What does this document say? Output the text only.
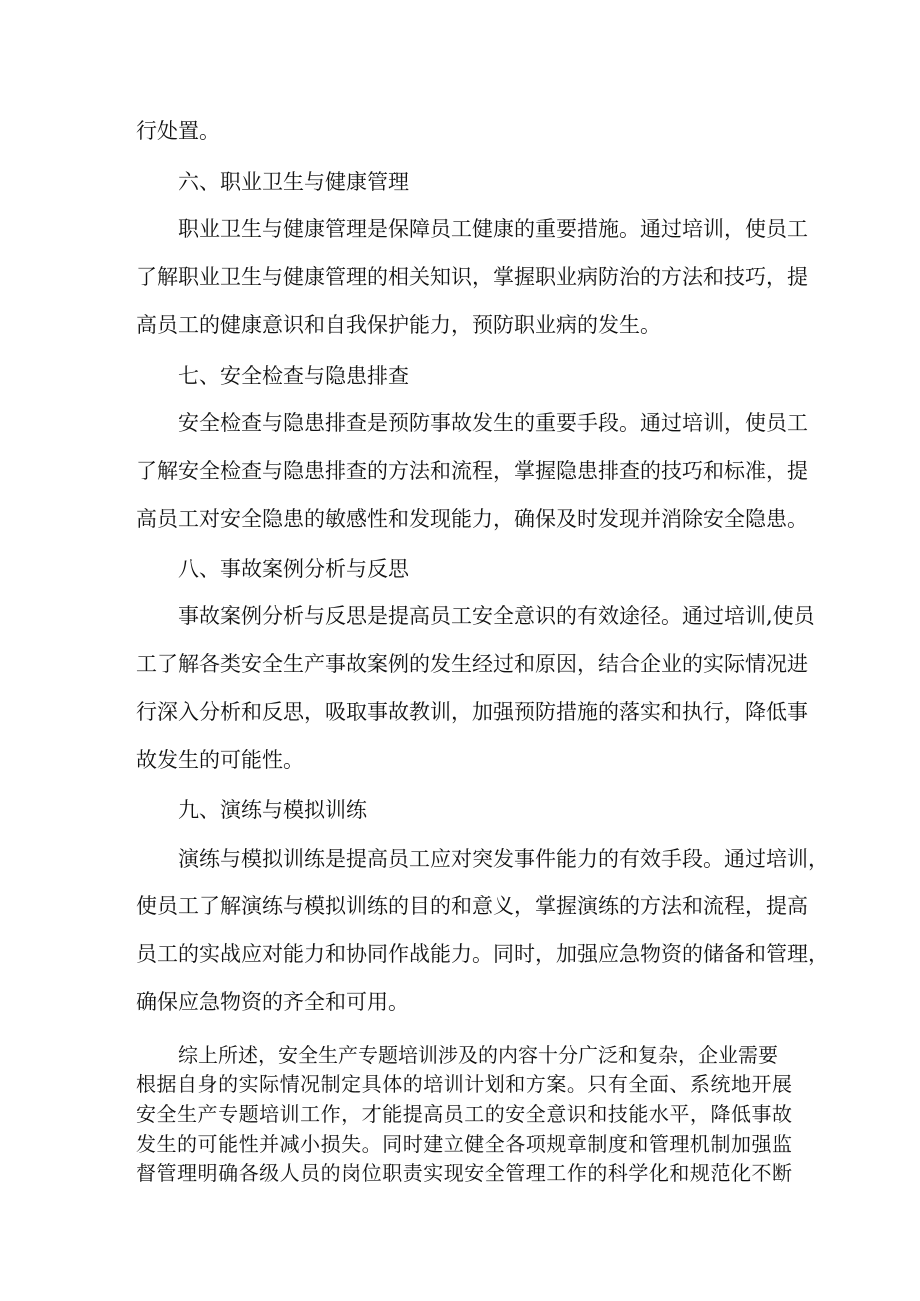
行处置。

六、职业卫生与健康管理

职业卫生与健康管理是保障员工健康的重要措施。通过培训，使员工

了解职业卫生与健康管理的相关知识，掌握职业病防治的方法和技巧，提

高员工的健康意识和自我保护能力，预防职业病的发生。

七、安全检查与隐患排查

安全检查与隐患排查是预防事故发生的重要手段。通过培训，使员工

了解安全检查与隐患排查的方法和流程，掌握隐患排查的技巧和标准，提

高员工对安全隐患的敏感性和发现能力，确保及时发现并消除安全隐患。

八、事故案例分析与反思

事故案例分析与反思是提高员工安全意识的有效途径。通过培训,使员

工了解各类安全生产事故案例的发生经过和原因，结合企业的实际情况进

行深入分析和反思，吸取事故教训，加强预防措施的落实和执行，降低事

故发生的可能性。

九、演练与模拟训练

演练与模拟训练是提高员工应对突发事件能力的有效手段。通过培训，

使员工了解演练与模拟训练的目的和意义，掌握演练的方法和流程，提高

员工的实战应对能力和协同作战能力。同时，加强应急物资的储备和管理，

确保应急物资的齐全和可用。

综上所述，安全生产专题培训涉及的内容十分广泛和复杂，企业需要

根据自身的实际情况制定具体的培训计划和方案。只有全面、系统地开展

安全生产专题培训工作，才能提高员工的安全意识和技能水平，降低事故

发生的可能性并减小损失。同时建立健全各项规章制度和管理机制加强监

督管理明确各级人员的岗位职责实现安全管理工作的科学化和规范化不断
